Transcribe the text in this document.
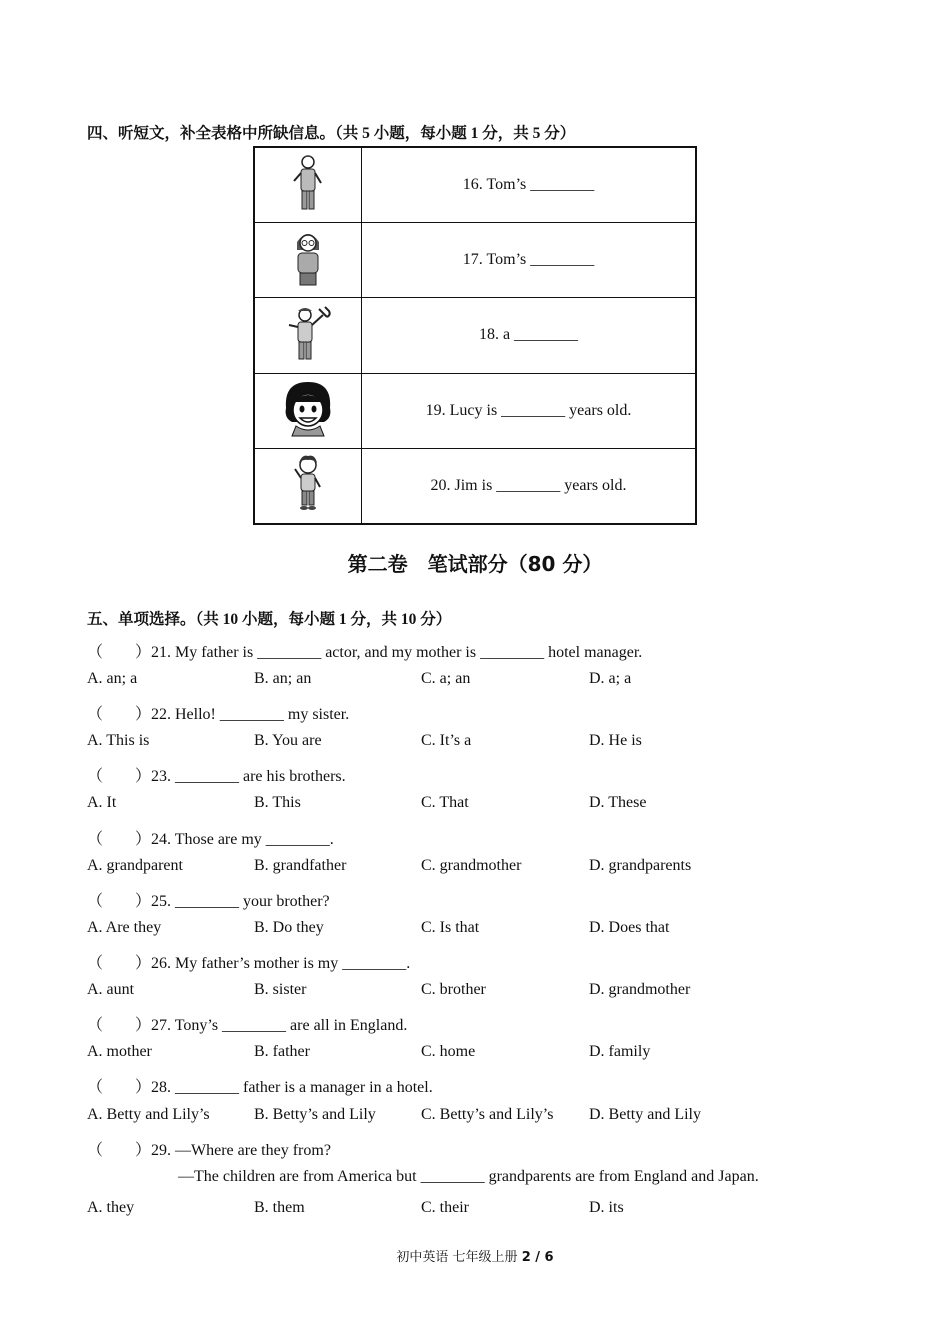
四、听短文，补全表格中所缺信息。（共 5 小题，每小题 1 分，共 5 分）
	16. Tom’s ________
	17. Tom’s ________
	18. a ________
	19. Lucy is ________ years old.
	20. Jim is ________ years old.
第二卷　笔试部分（80 分）
五、单项选择。（共 10 小题，每小题 1 分，共 10 分）
（　　）21. My father is ________ actor, and my mother is ________ hotel manager.
A. an; a	B. an; an	C. a; an	D. a; a
（　　）22. Hello! ________ my sister.
A. This is	B. You are	C. It’s a	D. He is
（　　）23. ________ are his brothers.
A. It	B. This	C. That	D. These
（　　）24. Those are my ________.
A. grandparent	B. grandfather	C. grandmother	D. grandparents
（　　）25. ________ your brother?
A. Are they	B. Do they	C. Is that	D. Does that
（　　）26. My father’s mother is my ________.
A. aunt	B. sister	C. brother	D. grandmother
（　　）27. Tony’s ________ are all in England.
A. mother	B. father	C. home	D. family
（　　）28. ________ father is a manager in a hotel.
A. Betty and Lily’s	B. Betty’s and Lily	C. Betty’s and Lily’s D. Betty and Lily
（　　）29. —Where are they from?
—The children are from America but ________ grandparents are from England and Japan.
A. they	B. them	C. their	D. its
初中英语 七年级上册 2 / 6
